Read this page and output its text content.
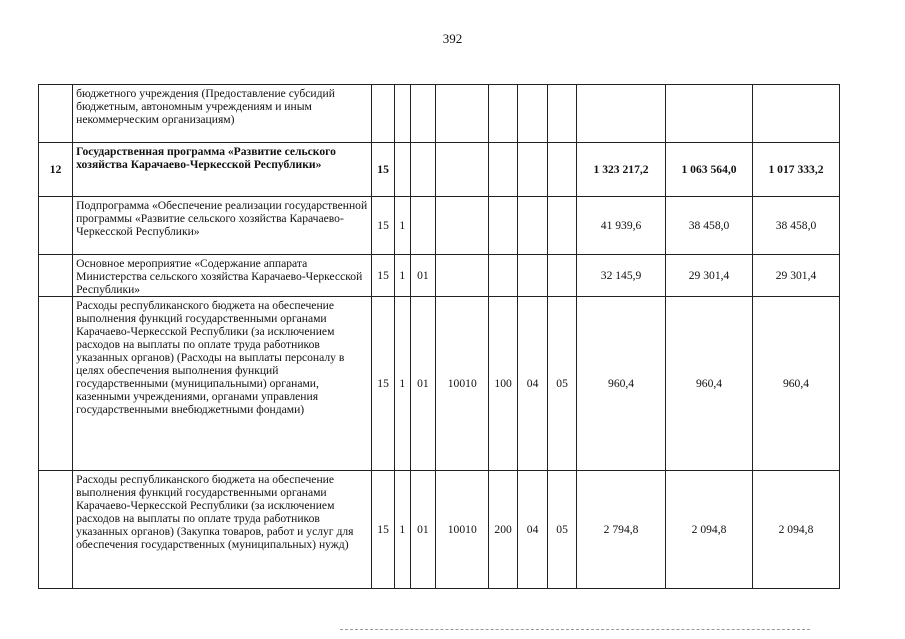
392
	бюджетного учреждения (Предоставление субсидий бюджетным, автономным учреждениям и иным некоммерческим организациям)										
12	Государственная программа «Развитие сельского хозяйства Карачаево-Черкесской Республики»	15							1 323 217,2	1 063 564,0	1 017 333,2
	Подпрограмма «Обеспечение реализации государственной программы «Развитие сельского хозяйства Карачаево-Черкесской Республики»	15	1						41 939,6	38 458,0	38 458,0
	Основное мероприятие «Содержание аппарата Министерства сельского хозяйства Карачаево-Черкесской Республики»	15	1	01					32 145,9	29 301,4	29 301,4
	Расходы республиканского бюджета на обеспечение выполнения функций государственными органами Карачаево-Черкесской Республики (за исключением расходов на выплаты по оплате труда работников указанных органов) (Расходы на выплаты персоналу в целях обеспечения выполнения функций государственными (муниципальными) органами, казенными учреждениями, органами управления государственными внебюджетными фондами)	15	1	01	10010	100	04	05	960,4	960,4	960,4
	Расходы республиканского бюджета на обеспечение выполнения функций государственными органами Карачаево-Черкесской Республики (за исключением расходов на выплаты по оплате труда работников указанных органов) (Закупка товаров, работ и услуг для обеспечения государственных (муниципальных) нужд)	15	1	01	10010	200	04	05	2 794,8	2 094,8	2 094,8
